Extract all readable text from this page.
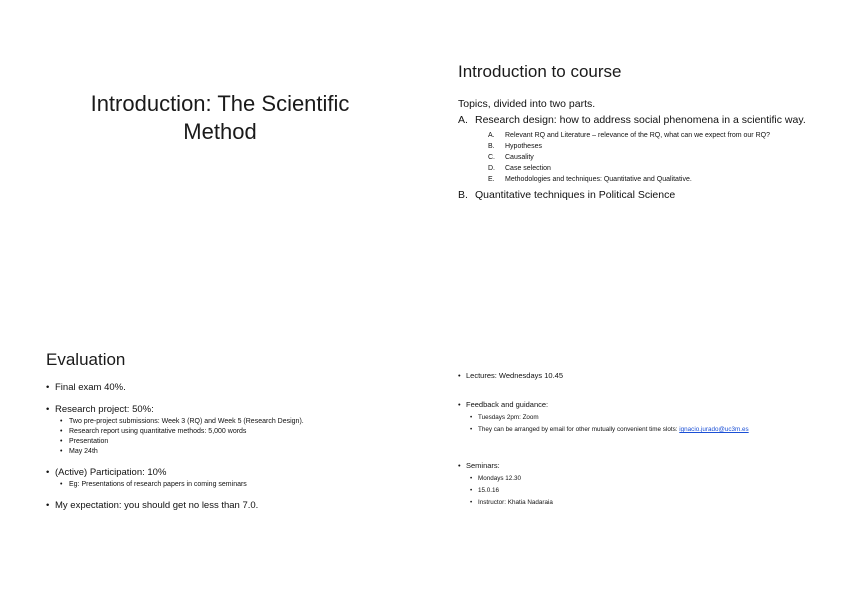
Introduction: The Scientific
Method
Introduction to course
Topics, divided into two parts.
A. Research design: how to address social phenomena in a scientific way.
A.	Relevant RQ and Literature – relevance of the RQ, what can we expect from our RQ?
B.	Hypotheses
C.	Causality
D.	Case selection
E.	Methodologies and techniques: Quantitative and Qualitative.
B. Quantitative techniques in Political Science
Evaluation
• Final exam 40%.
• Research project: 50%:
• Two pre-project submissions: Week 3 (RQ) and Week 5 (Research Design).
• Research report using quantitative methods: 5,000 words
• Presentation
• May 24th
• (Active) Participation: 10%
• Eg: Presentations of research papers in coming seminars
• My expectation: you should get no less than 7.0.
• Lectures: Wednesdays 10.45
• Feedback and guidance:
• Tuesdays 2pm: Zoom
• They can be arranged by email for other mutually convenient time slots: ignacio.jurado@uc3m.es
• Seminars:
• Mondays 12.30
• 15.0.16
• Instructor: Khatia Nadaraia
